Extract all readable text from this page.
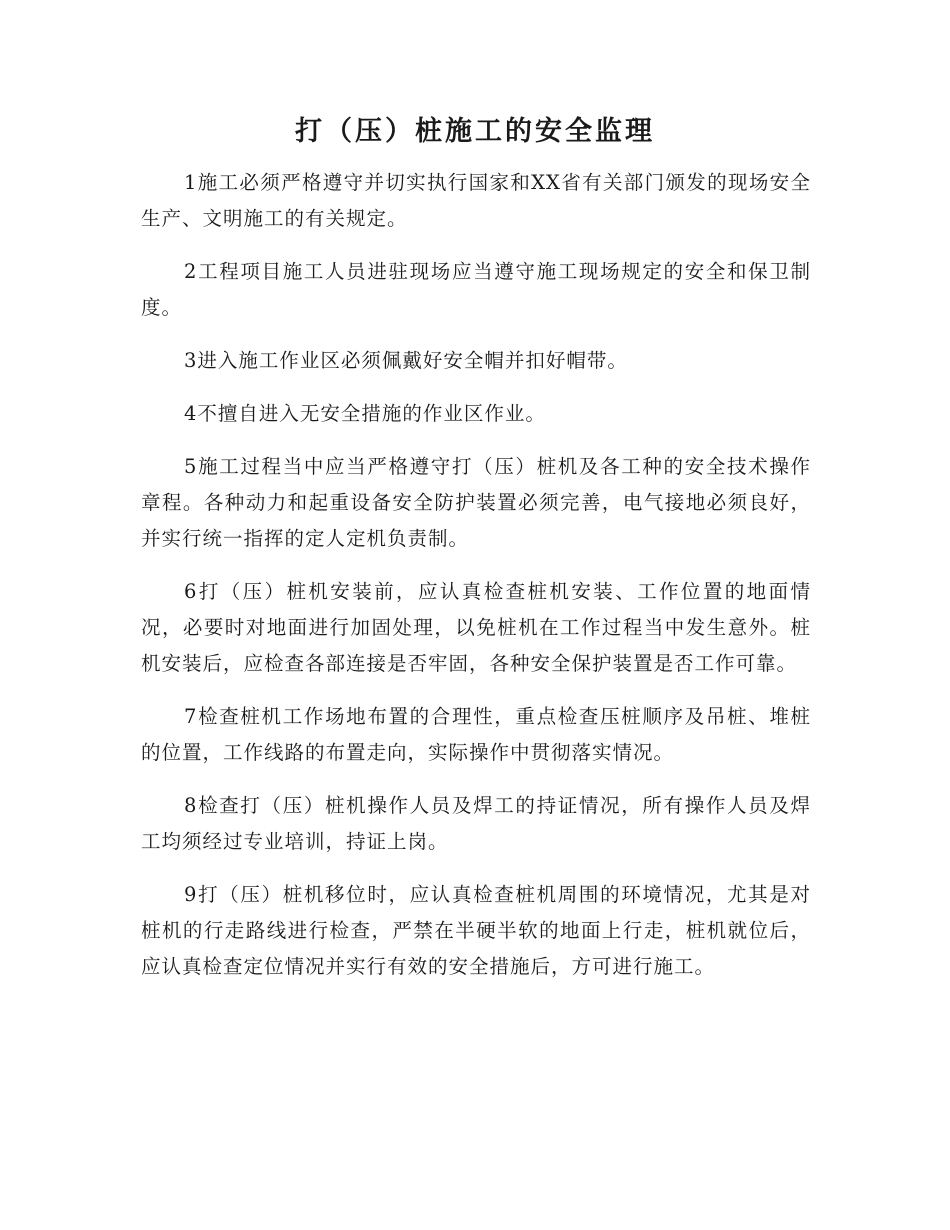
打（压）桩施工的安全监理

1施工必须严格遵守并切实执行国家和XX省有关部门颁发的现场安全生产、文明施工的有关规定。

2工程项目施工人员进驻现场应当遵守施工现场规定的安全和保卫制度。

3进入施工作业区必须佩戴好安全帽并扣好帽带。

4不擅自进入无安全措施的作业区作业。

5施工过程当中应当严格遵守打（压）桩机及各工种的安全技术操作章程。各种动力和起重设备安全防护装置必须完善，电气接地必须良好，并实行统一指挥的定人定机负责制。

6打（压）桩机安装前，应认真检查桩机安装、工作位置的地面情况，必要时对地面进行加固处理，以免桩机在工作过程当中发生意外。桩机安装后，应检查各部连接是否牢固，各种安全保护装置是否工作可靠。

7检查桩机工作场地布置的合理性，重点检查压桩顺序及吊桩、堆桩的位置，工作线路的布置走向，实际操作中贯彻落实情况。

8检查打（压）桩机操作人员及焊工的持证情况，所有操作人员及焊工均须经过专业培训，持证上岗。

9打（压）桩机移位时，应认真检查桩机周围的环境情况，尤其是对桩机的行走路线进行检查，严禁在半硬半软的地面上行走，桩机就位后，应认真检查定位情况并实行有效的安全措施后，方可进行施工。
